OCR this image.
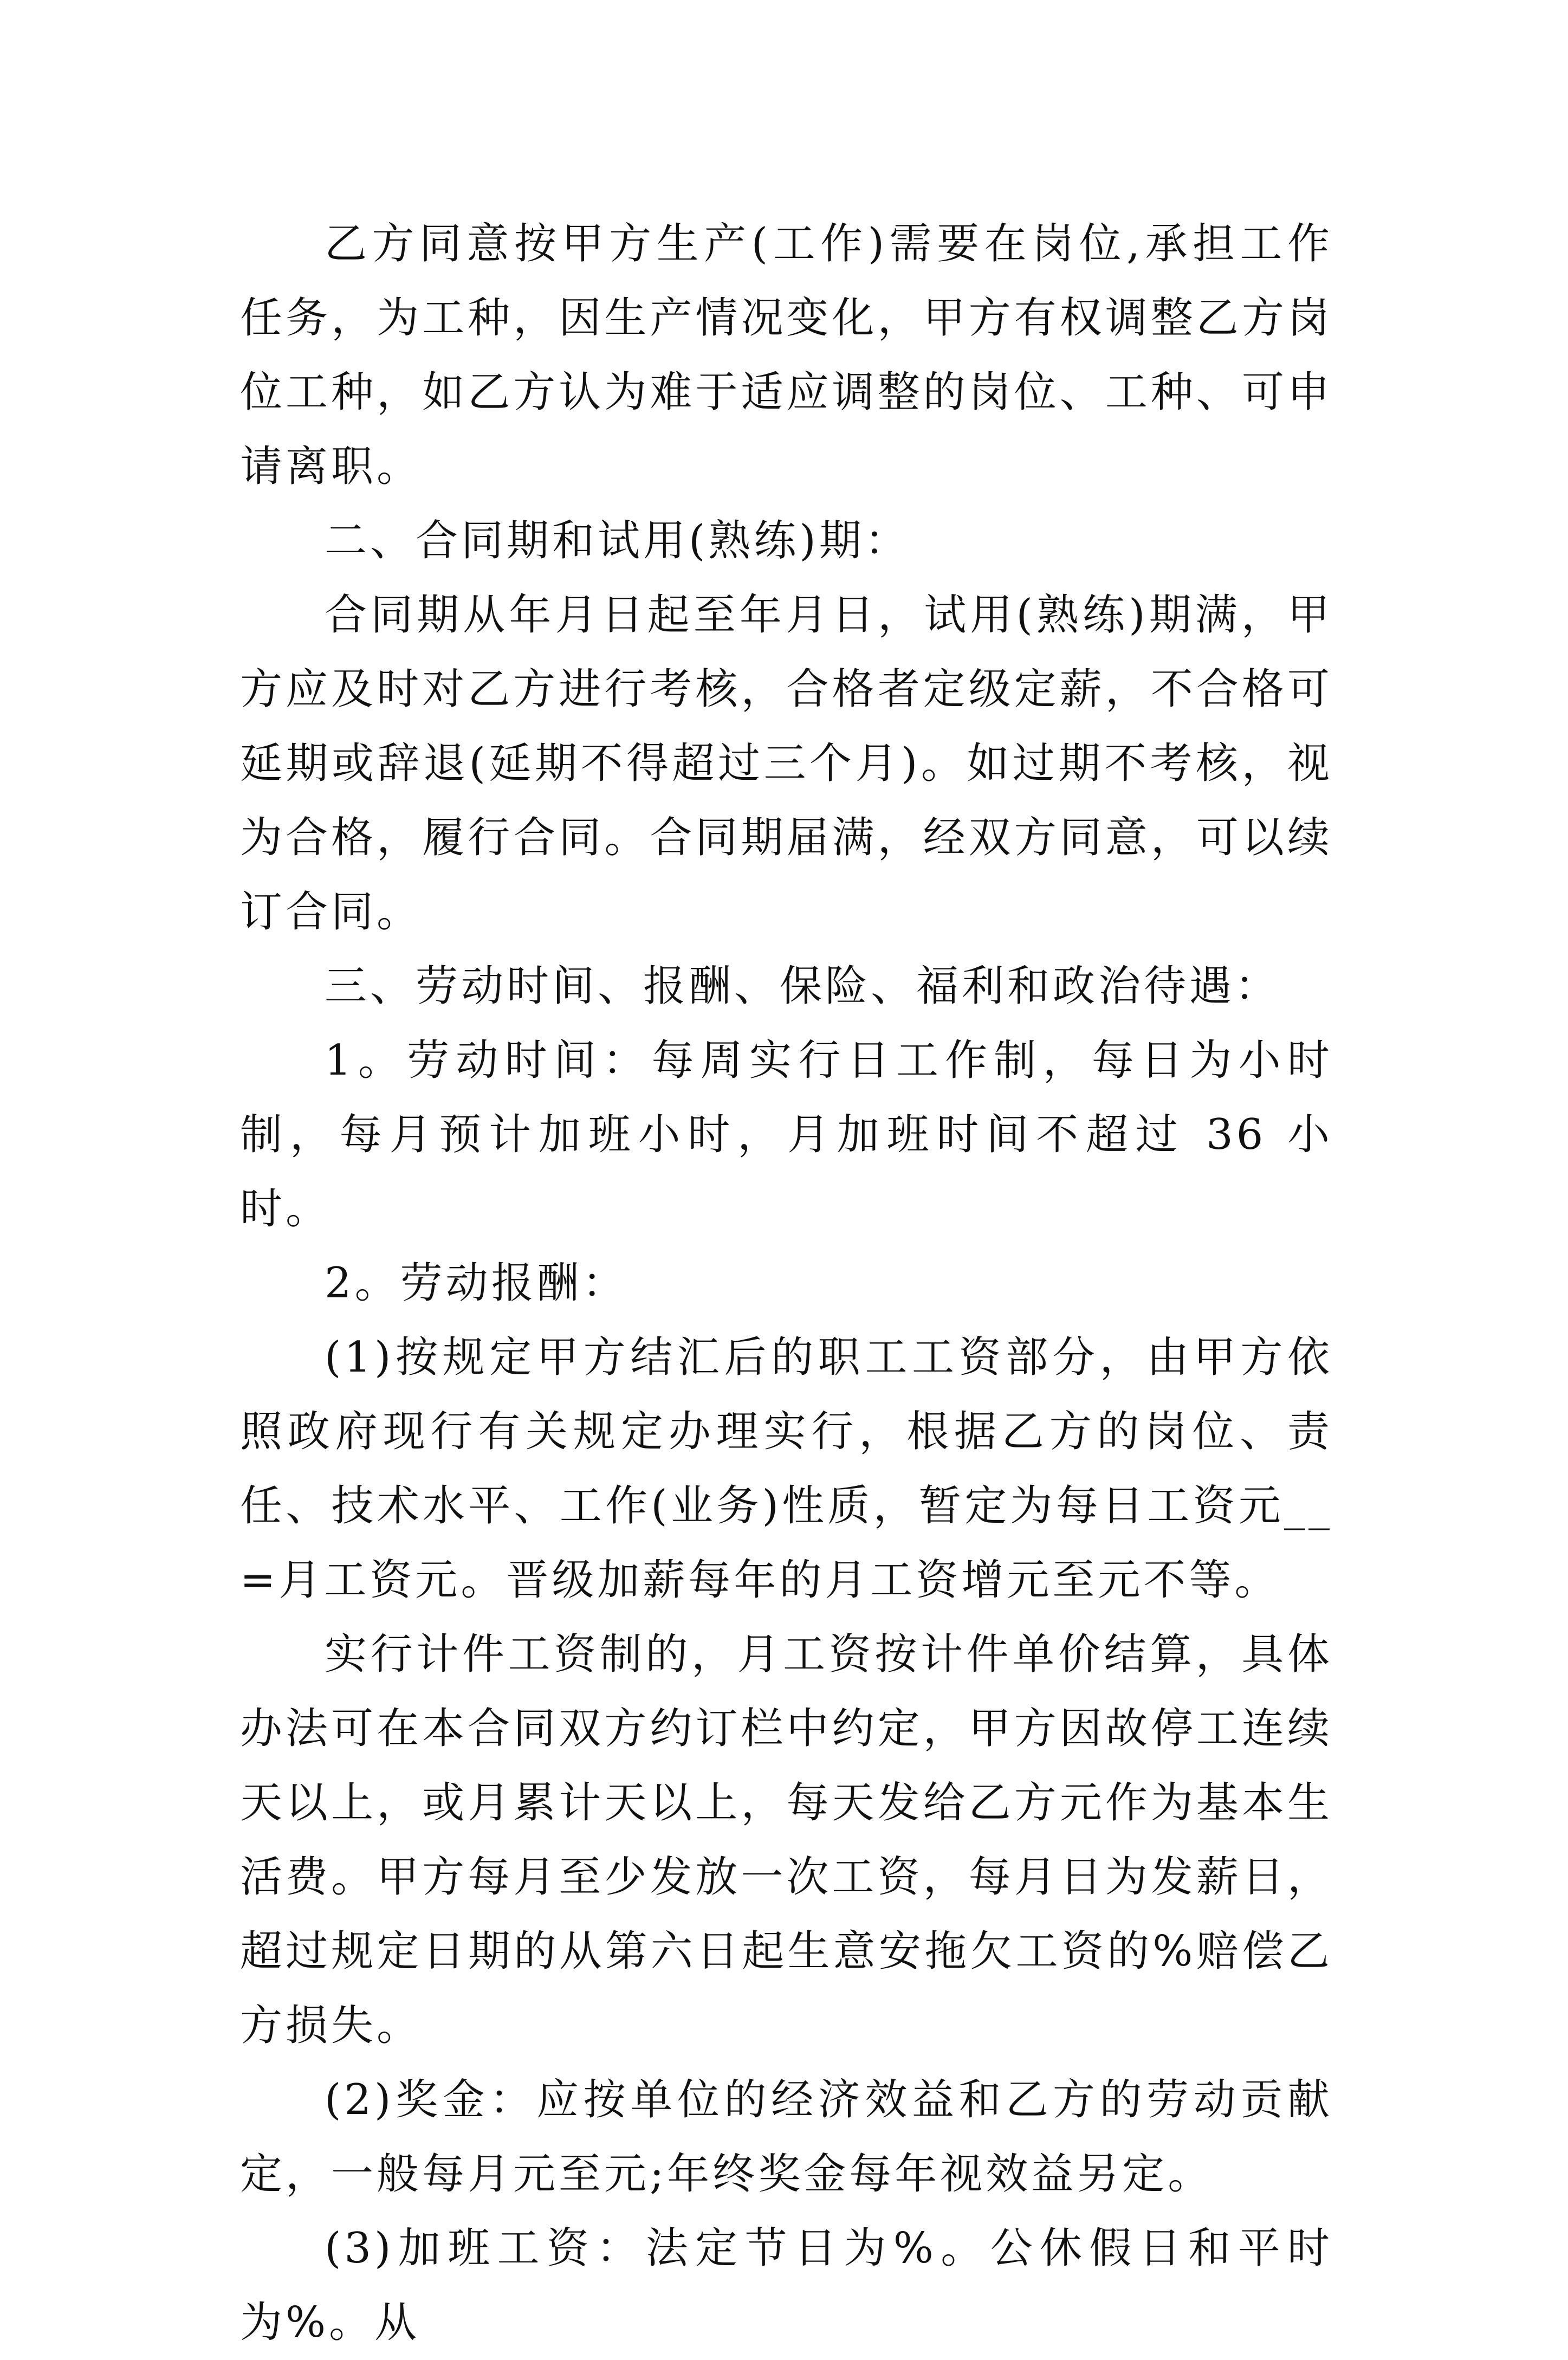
乙方同意按甲方生产(工作)需要在岗位,承担工作任务，为工种，因生产情况变化，甲方有权调整乙方岗位工种，如乙方认为难于适应调整的岗位、工种、可申请离职。

二、合同期和试用(熟练)期：

合同期从年月日起至年月日，试用(熟练)期满，甲方应及时对乙方进行考核，合格者定级定薪，不合格可延期或辞退(延期不得超过三个月)。如过期不考核，视为合格，履行合同。合同期届满，经双方同意，可以续订合同。

三、劳动时间、报酬、保险、福利和政治待遇：

1。劳动时间：每周实行日工作制，每日为小时制，每月预计加班小时，月加班时间不超过 36 小时。

2。劳动报酬：

(1)按规定甲方结汇后的职工工资部分，由甲方依照政府现行有关规定办理实行，根据乙方的岗位、责任、技术水平、工作(业务)性质，暂定为每日工资元__=月工资元。晋级加薪每年的月工资增元至元不等。

实行计件工资制的，月工资按计件单价结算，具体办法可在本合同双方约订栏中约定，甲方因故停工连续天以上，或月累计天以上，每天发给乙方元作为基本生活费。甲方每月至少发放一次工资，每月日为发薪日，超过规定日期的从第六日起生意安拖欠工资的%赔偿乙方损失。

(2)奖金：应按单位的经济效益和乙方的劳动贡献定，一般每月元至元;年终奖金每年视效益另定。

(3)加班工资：法定节日为%。公休假日和平时为%。从
